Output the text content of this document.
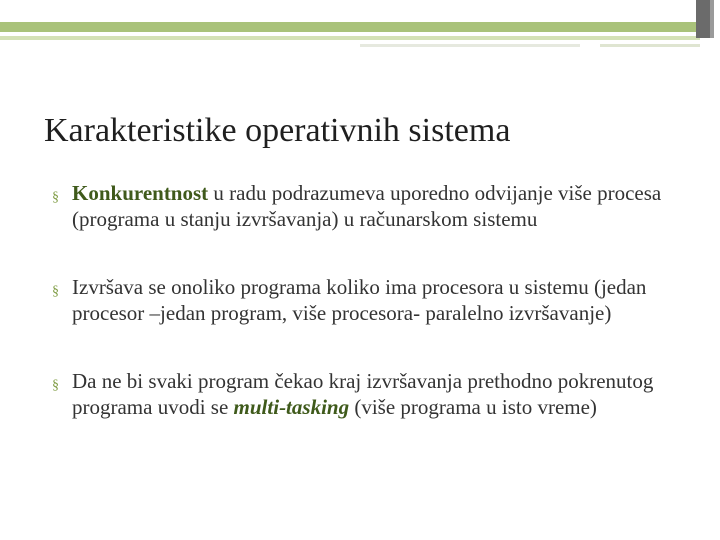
Karakteristike operativnih sistema
§ Konkurentnost u radu podrazumeva uporedno odvijanje više procesa (programa u stanju izvršavanja) u računarskom sistemu
§ Izvršava se onoliko programa koliko ima procesora u sistemu (jedan procesor –jedan program, više procesora- paralelno izvršavanje)
§ Da ne bi svaki program čekao kraj izvršavanja prethodno pokrenutog programa uvodi se multi-tasking (više programa u isto vreme)
